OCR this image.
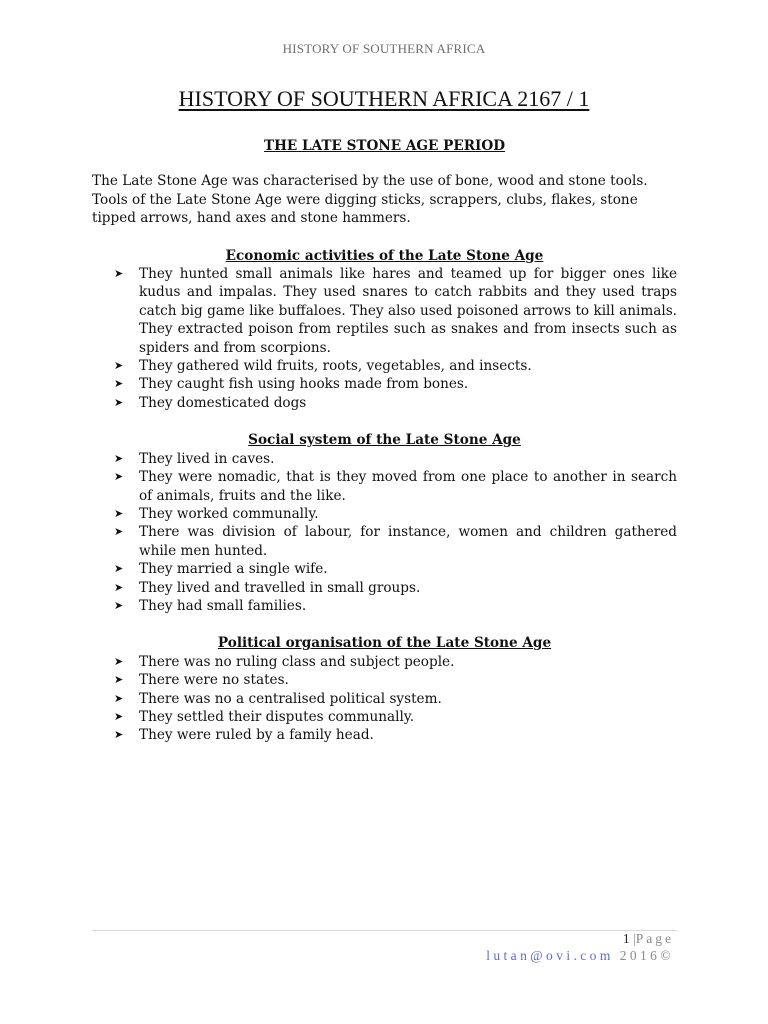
HISTORY OF SOUTHERN AFRICA
HISTORY OF SOUTHERN AFRICA 2167 / 1

THE LATE STONE AGE PERIOD

The Late Stone Age was characterised by the use of bone, wood and stone tools. Tools of the Late Stone Age were digging sticks, scrappers, clubs, flakes, stone tipped arrows, hand axes and stone hammers.

Economic activities of the Late Stone Age

➤ They hunted small animals like hares and teamed up for bigger ones like kudus and impalas. They used snares to catch rabbits and they used traps catch big game like buffaloes. They also used poisoned arrows to kill animals. They extracted poison from reptiles such as snakes and from insects such as spiders and from scorpions.
➤ They gathered wild fruits, roots, vegetables, and insects.
➤ They caught fish using hooks made from bones.
➤ They domesticated dogs

Social system of the Late Stone Age

➤ They lived in caves.
➤ They were nomadic, that is they moved from one place to another in search of animals, fruits and the like.
➤ They worked communally.
➤ There was division of labour, for instance, women and children gathered while men hunted.
➤ They married a single wife.
➤ They lived and travelled in small groups.
➤ They had small families.

Political organisation of the Late Stone Age

➤ There was no ruling class and subject people.
➤ There were no states.
➤ There was no a centralised political system.
➤ They settled their disputes communally.
➤ They were ruled by a family head.
1 |Page
lutan@ovi.com 2016©
